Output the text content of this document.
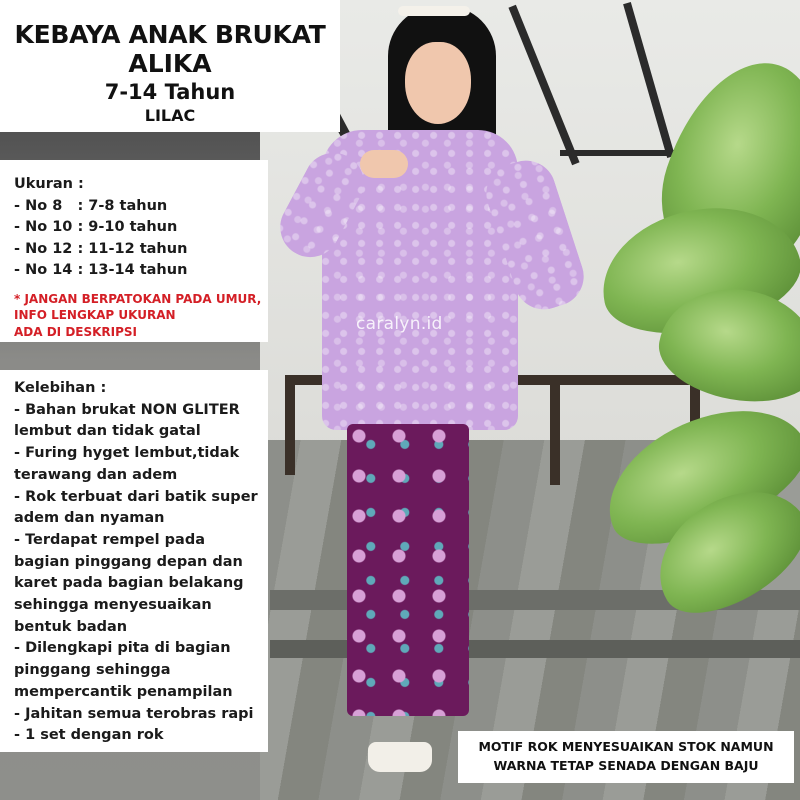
caralyn.id
KEBAYA ANAK BRUKAT
ALIKA
7-14 Tahun
LILAC
Ukuran :
- No 8   : 7-8 tahun
- No 10 : 9-10 tahun
- No 12 : 11-12 tahun
- No 14 : 13-14 tahun
* JANGAN BERPATOKAN PADA UMUR,
INFO LENGKAP UKURAN
ADA DI DESKRIPSI
Kelebihan :
- Bahan brukat NON GLITER
lembut dan tidak gatal
- Furing hyget lembut,tidak
terawang dan adem
- Rok terbuat dari batik super
adem dan nyaman
- Terdapat rempel pada
bagian pinggang depan dan
karet pada bagian belakang
sehingga menyesuaikan
bentuk badan
- Dilengkapi pita di bagian
pinggang sehingga
mempercantik penampilan
- Jahitan semua terobras rapi
- 1 set dengan rok
MOTIF ROK MENYESUAIKAN STOK NAMUN
WARNA TETAP SENADA DENGAN BAJU
